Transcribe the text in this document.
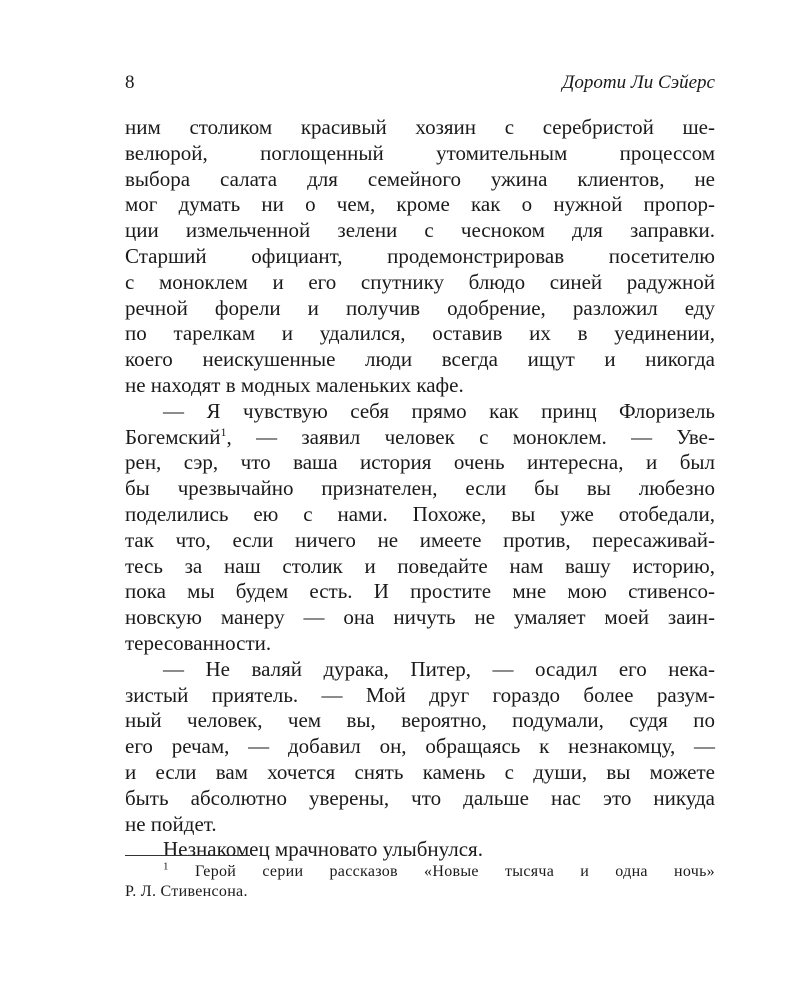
8	Дороти Ли Сэйерс
ним столиком красивый хозяин с серебристой ше-
велюрой, поглощенный утомительным процессом
выбора салата для семейного ужина клиентов, не
мог думать ни о чем, кроме как о нужной пропор-
ции измельченной зелени с чесноком для заправки.
Старший официант, продемонстрировав посетителю
с моноклем и его спутнику блюдо синей радужной
речной форели и получив одобрение, разложил еду
по тарелкам и удалился, оставив их в уединении,
коего неискушенные люди всегда ищут и никогда
не находят в модных маленьких кафе.
— Я чувствую себя прямо как принц Флоризель
Богемский$^1$, — заявил человек с моноклем. — Уве-
рен, сэр, что ваша история очень интересна, и был
бы чрезвычайно признателен, если бы вы любезно
поделились ею с нами. Похоже, вы уже отобедали,
так что, если ничего не имеете против, пересаживай-
тесь за наш столик и поведайте нам вашу историю,
пока мы будем есть. И простите мне мою стивенсо-
новскую манеру — она ничуть не умаляет моей заин-
тересованности.
— Не валяй дурака, Питер, — осадил его нека-
зистый приятель. — Мой друг гораздо более разум-
ный человек, чем вы, вероятно, подумали, судя по
его речам, — добавил он, обращаясь к незнакомцу, —
и если вам хочется снять камень с души, вы можете
быть абсолютно уверены, что дальше нас это никуда
не пойдет.
Незнакомец мрачновато улыбнулся.
$^1$ Герой серии рассказов «Новые тысяча и одна ночь»
Р. Л. Стивенсона.
